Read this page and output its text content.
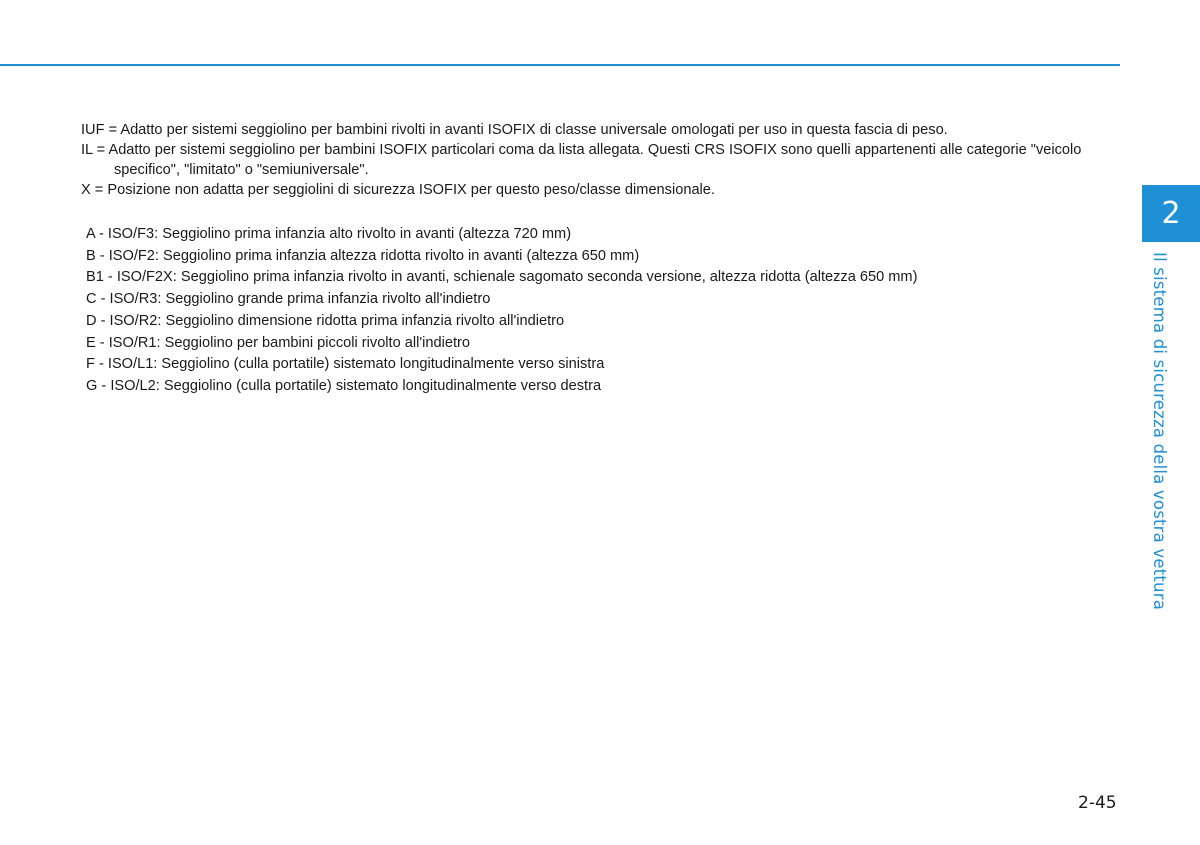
IUF = Adatto per sistemi seggiolino per bambini rivolti in avanti ISOFIX di classe universale omologati per uso in questa fascia di peso.

IL = Adatto per sistemi seggiolino per bambini ISOFIX particolari coma da lista allegata. Questi CRS ISOFIX sono quelli appartenenti alle categorie "veicolo specifico", "limitato" o "semiuniversale".

X = Posizione non adatta per seggiolini di sicurezza ISOFIX per questo peso/classe dimensionale.

A - ISO/F3: Seggiolino prima infanzia alto rivolto in avanti (altezza 720 mm)

B - ISO/F2: Seggiolino prima infanzia altezza ridotta rivolto in avanti (altezza 650 mm)

B1 - ISO/F2X: Seggiolino prima infanzia rivolto in avanti, schienale sagomato seconda versione, altezza ridotta (altezza 650 mm)

C - ISO/R3: Seggiolino grande prima infanzia rivolto all'indietro

D - ISO/R2: Seggiolino dimensione ridotta prima infanzia rivolto all'indietro

E - ISO/R1: Seggiolino per bambini piccoli rivolto all'indietro

F - ISO/L1: Seggiolino (culla portatile) sistemato longitudinalmente verso sinistra

G - ISO/L2: Seggiolino (culla portatile) sistemato longitudinalmente verso destra

2
Il sistema di sicurezza della vostra vettura
2-45
